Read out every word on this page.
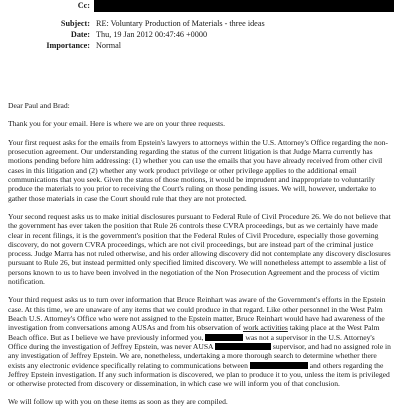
Cc:
Subject: RE: Voluntary Production of Materials - three ideas
Date: Thu, 19 Jan 2012 00:47:46 +0000
Importance: Normal

Dear Paul and Brad:

Thank you for your email. Here is where we are on your three requests.

Your first request asks for the emails from Epstein's lawyers to attorneys within the U.S. Attorney's Office regarding the non-prosecution agreement. Our understanding regarding the status of the current litigation is that Judge Marra currently has motions pending before him addressing: (1) whether you can use the emails that you have already received from other civil cases in this litigation and (2) whether any work product privilege or other privilege applies to the additional email communications that you seek. Given the status of those motions, it would be imprudent and inappropriate to voluntarily produce the materials to you prior to receiving the Court's ruling on those pending issues. We will, however, undertake to gather those materials in case the Court should rule that they are not protected.

Your second request asks us to make initial disclosures pursuant to Federal Rule of Civil Procedure 26. We do not believe that the government has ever taken the position that Rule 26 controls these CVRA proceedings, but as we certainly have made clear in recent filings, it is the government's position that the Federal Rules of Civil Procedure, especially those governing discovery, do not govern CVRA proceedings, which are not civil proceedings, but are instead part of the criminal justice process. Judge Marra has not ruled otherwise, and his order allowing discovery did not contemplate any discovery disclosures pursuant to Rule 26, but instead permitted only specified limited discovery. We will nonetheless attempt to assemble a list of persons known to us to have been involved in the negotiation of the Non Prosecution Agreement and the process of victim notification.

Your third request asks us to turn over information that Bruce Reinhart was aware of the Government's efforts in the Epstein case. At this time, we are unaware of any items that we could produce in that regard. Like other personnel in the West Palm Beach U.S. Attorney's Office who were not assigned to the Epstein matter, Bruce Reinhart would have had awareness of the investigation from conversations among AUSAs and from his observation of work activities taking place at the West Palm Beach office. But as I believe we have previously informed you,	was not a supervisor in the U.S. Attorney's Office during the investigation of Jeffrey Epstein, was never AUSA	supervisor, and had no assigned role in any investigation of Jeffrey Epstein. We are, nonetheless, undertaking a more thorough search to determine whether there exists any electronic evidence specifically relating to communications between	and others regarding the Jeffrey Epstein investigation. If any such information is discovered, we plan to produce it to you, unless the item is privileged or otherwise protected from discovery or dissemination, in which case we will inform you of that conclusion.

We will follow up with you on these items as soon as they are compiled.
